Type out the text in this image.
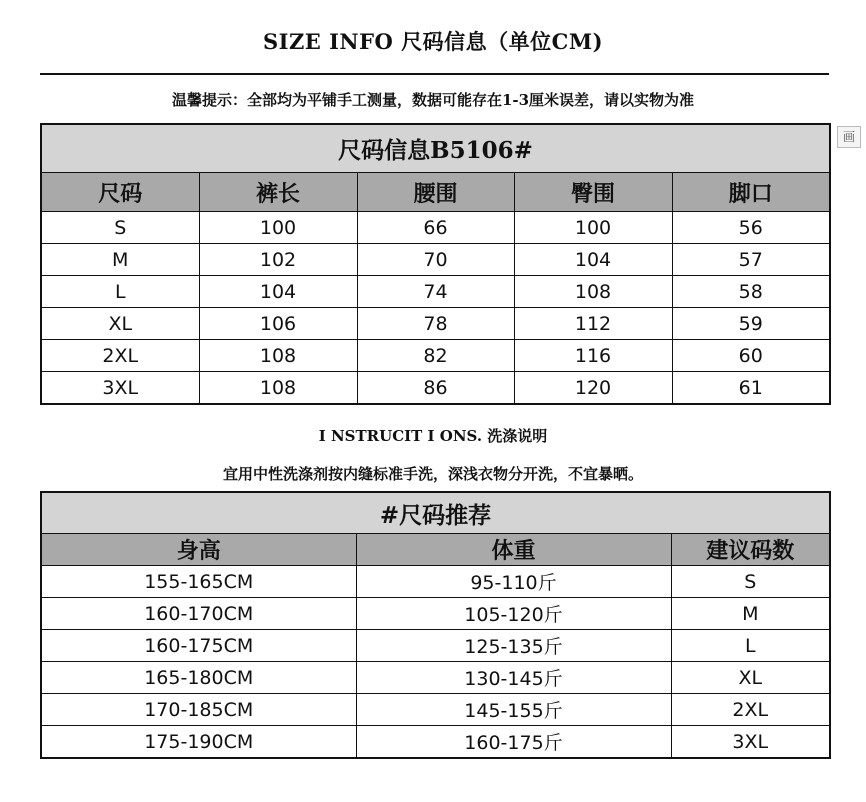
SIZE INFO 尺码信息（单位CM)
温馨提示：全部均为平铺手工测量，数据可能存在1-3厘米误差，请以实物为准
画
尺码信息B5106#				
尺码	裤长	腰围	臀围	脚口
S	100	66	100	56
M	102	70	104	57
L	104	74	108	58
XL	106	78	112	59
2XL	108	82	116	60
3XL	108	86	120	61
I NSTRUCIT I ONS. 洗涤说明
宜用中性洗涤剂按内缝标准手洗，深浅衣物分开洗，不宜暴晒。
#尺码推荐		
身高	体重	建议码数
155-165CM	95-110斤	S
160-170CM	105-120斤	M
160-175CM	125-135斤	L
165-180CM	130-145斤	XL
170-185CM	145-155斤	2XL
175-190CM	160-175斤	3XL
